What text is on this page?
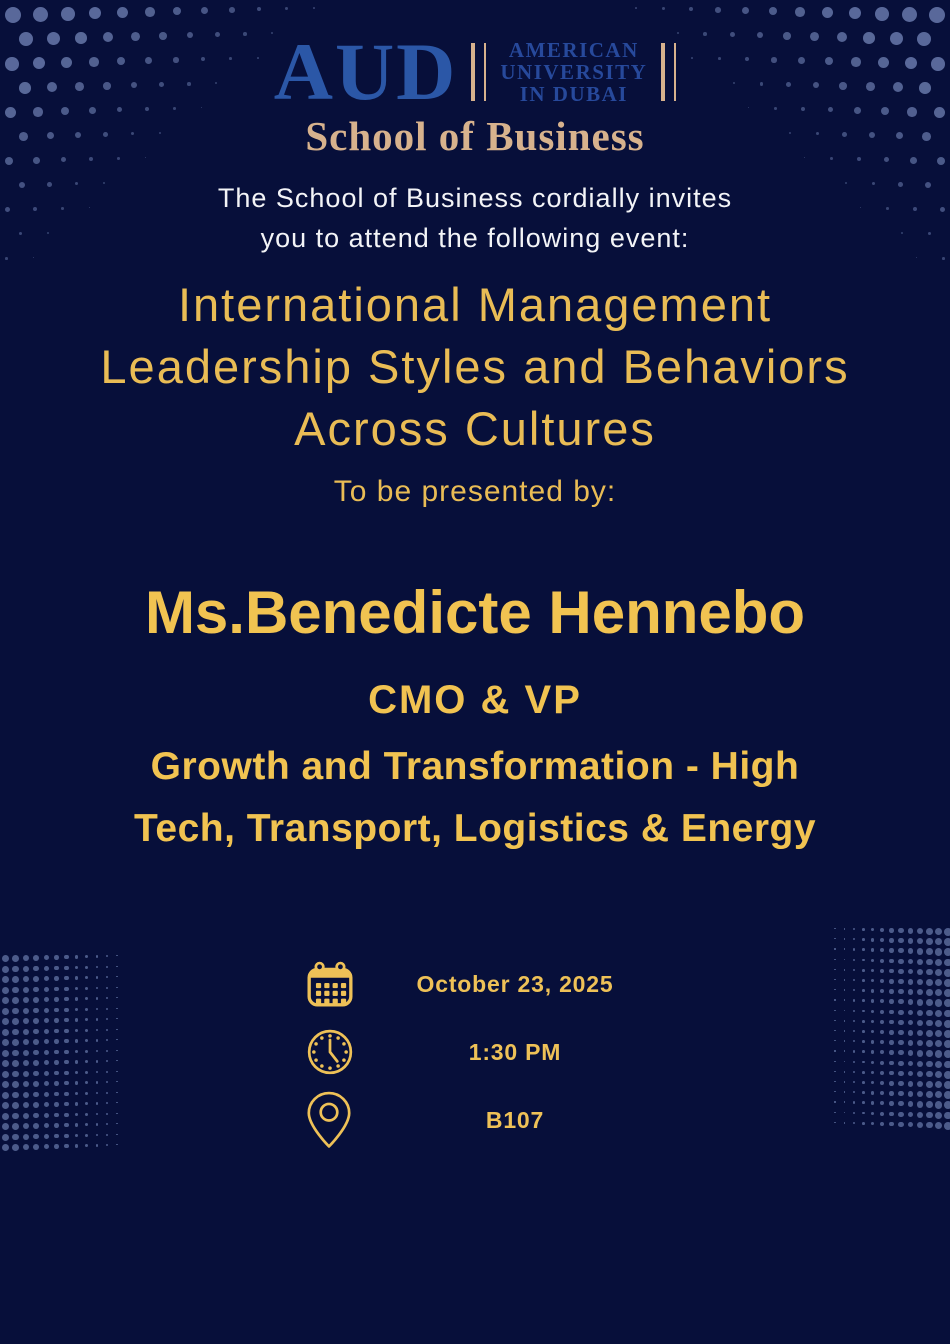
AUD	AMERICAN
UNIVERSITY
IN DUBAI
School of Business

The School of Business cordially invites
you to attend the following event:

International Management
Leadership Styles and Behaviors
Across Cultures

To be presented by:

Ms.Benedicte Hennebo
CMO & VP
Growth and Transformation - High
Tech, Transport, Logistics & Energy
October 23, 2025
1:30 PM
B107
